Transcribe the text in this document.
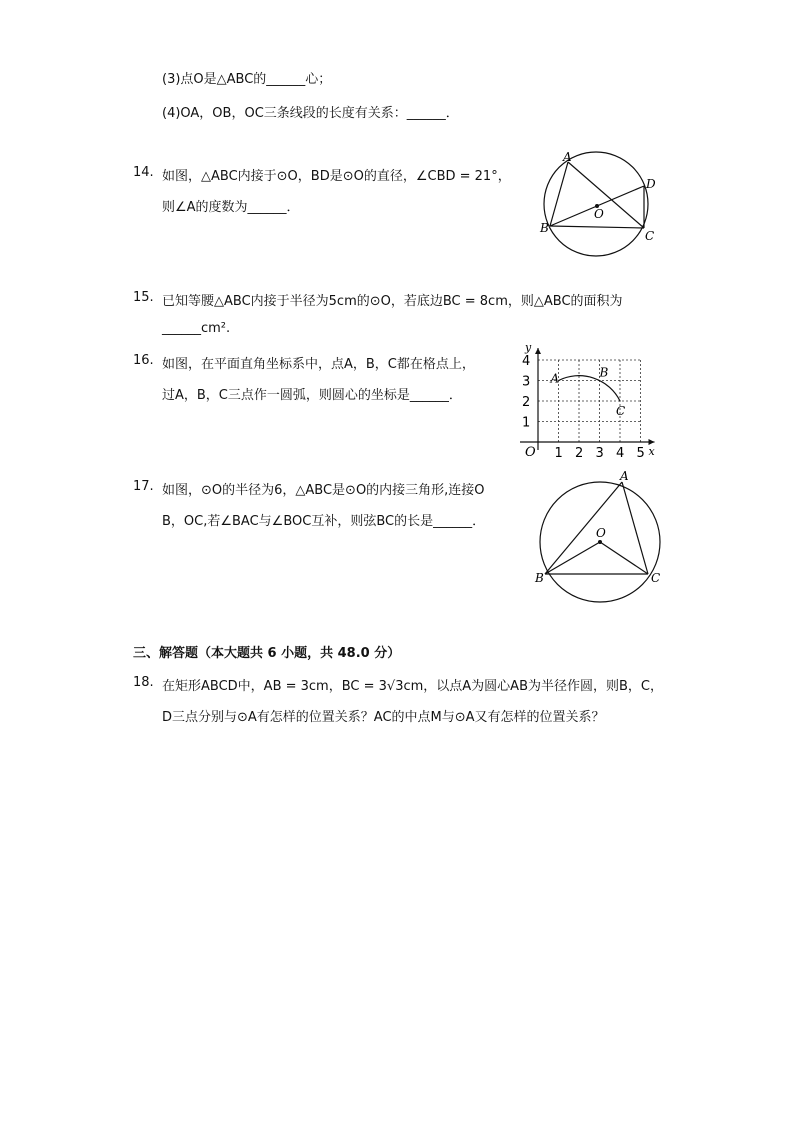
(3)点O是△ABC的______心；
(4)OA，OB，OC三条线段的长度有关系：______．
14. 如图，△ABC内接于⊙O，BD是⊙O的直径，∠CBD = 21°，
则∠A的度数为______．
A
B
C
D
O
15. 已知等腰△ABC内接于半径为5cm的⊙O，若底边BC = 8cm，则△ABC的面积为
______cm².
16. 如图，在平面直角坐标系中，点A，B，C都在格点上，
过A，B，C三点作一圆弧，则圆心的坐标是______．
x
y
O 1 2 3 4 5
1
2
3
4
A	B
C
17. 如图，⊙O的半径为6，△ABC是⊙O的内接三角形,连接O
B，OC,若∠BAC与∠BOC互补，则弦BC的长是______．
A
B	C
O
三、解答题（本大题共 6 小题，共 48.0 分）
18. 在矩形ABCD中，AB = 3cm，BC = 3√3cm，以点A为圆心AB为半径作圆，则B，C，
D三点分别与⊙A有怎样的位置关系？AC的中点M与⊙A又有怎样的位置关系？
